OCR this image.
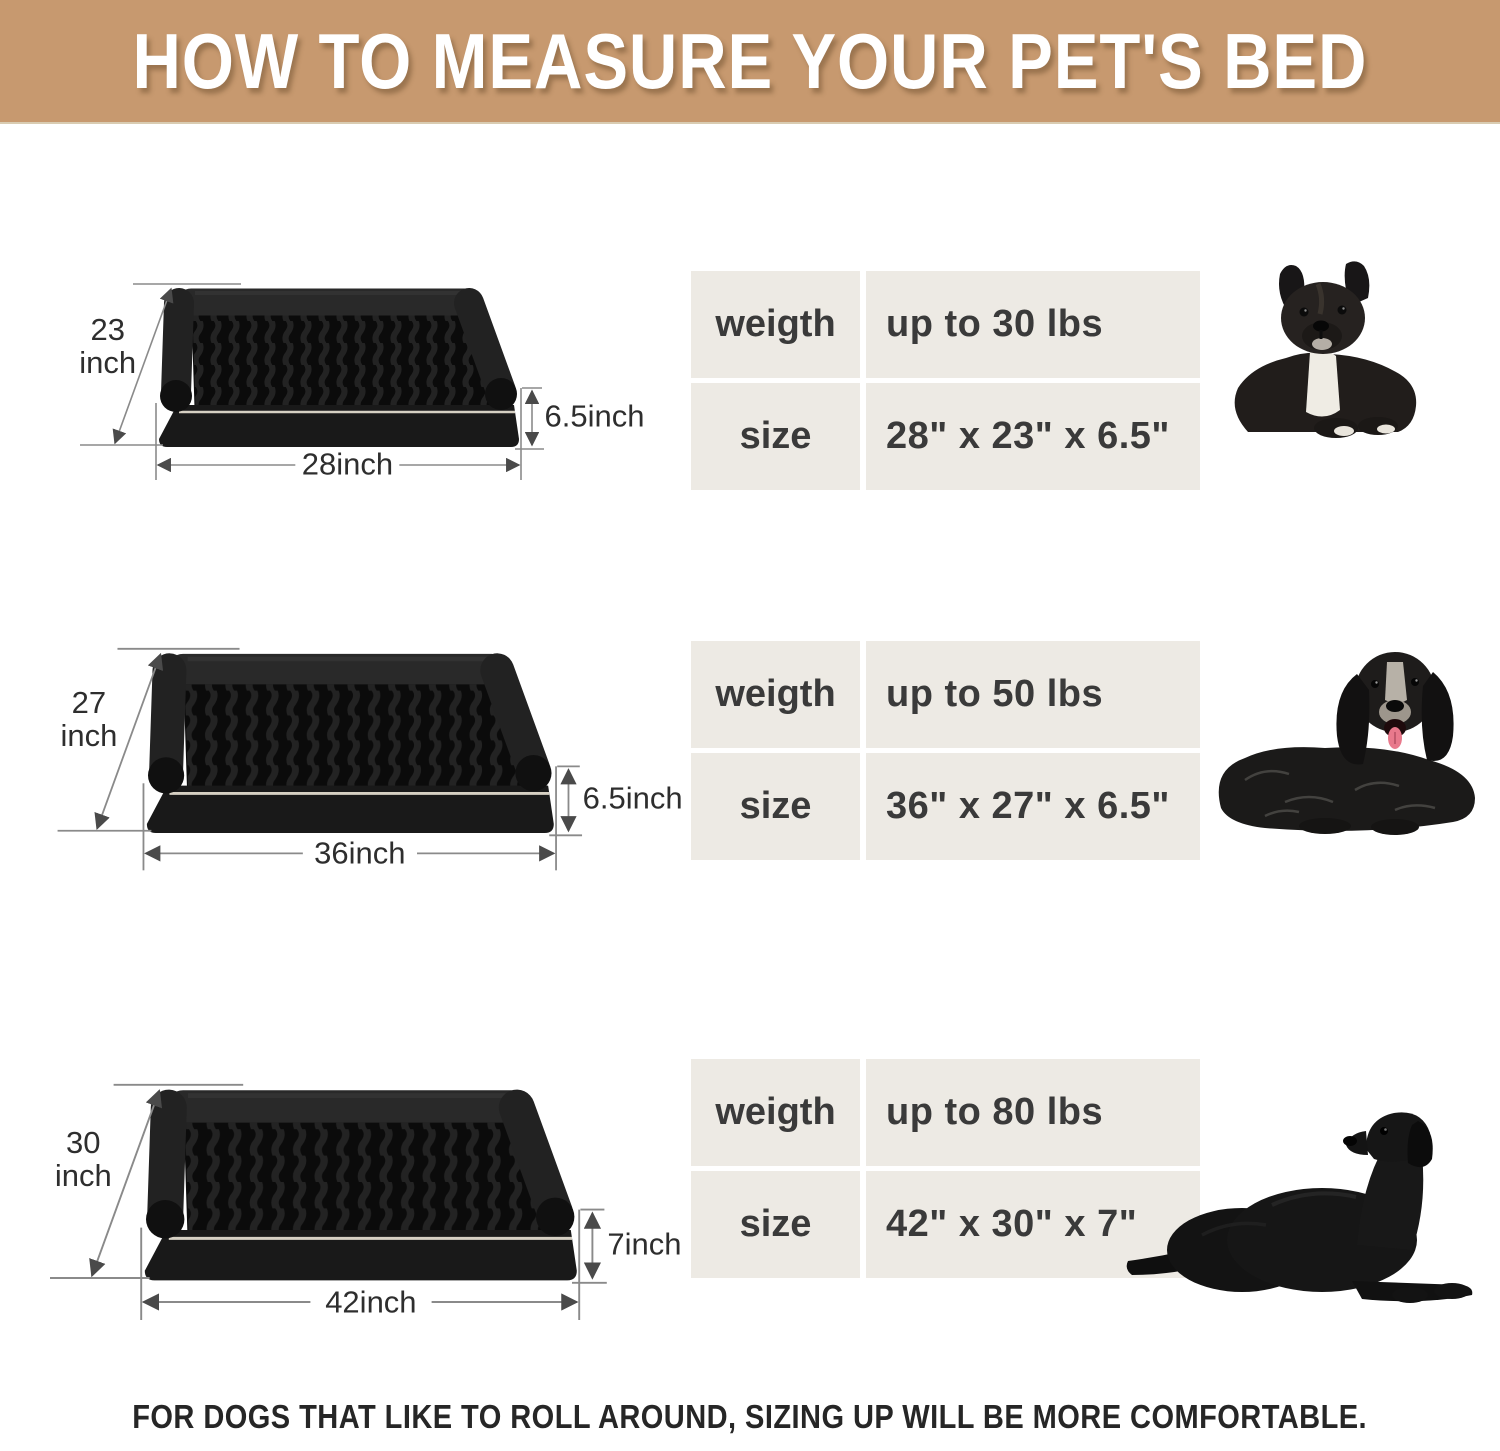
HOW TO MEASURE YOUR PET'S BED
23
inch
28inch
6.5inch
weigth	up to 30 lbs
size	28" x 23" x 6.5"
27
inch
36inch
6.5inch
weigth	up to 50 lbs
size	36" x 27" x 6.5"
30
inch
42inch
7inch
weigth	up to 80 lbs
size	42" x 30" x 7"
FOR DOGS THAT LIKE TO ROLL AROUND, SIZING UP WILL BE MORE COMFORTABLE.
